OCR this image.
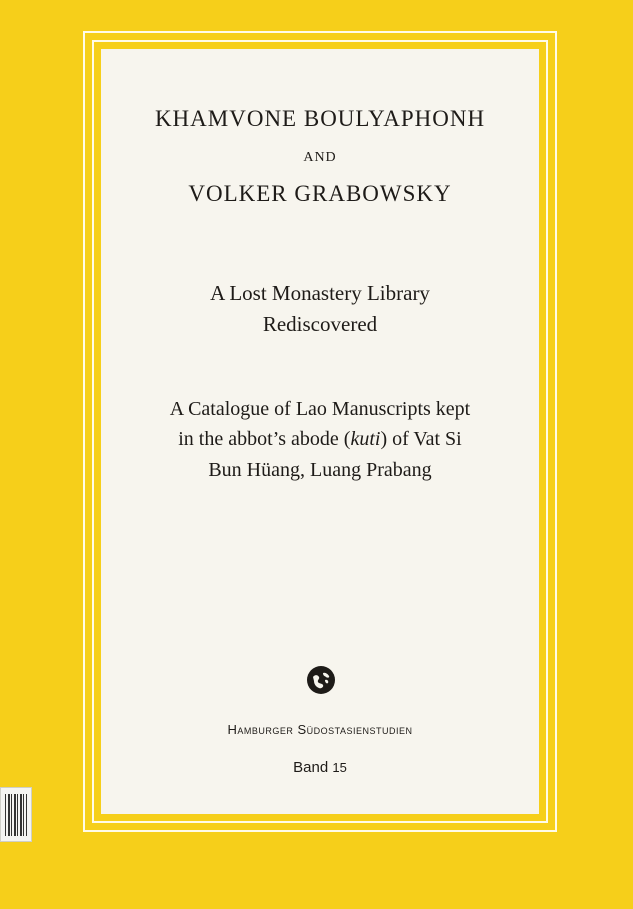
KHAMVONE BOULYAPHONH
AND
VOLKER GRABOWSKY
A Lost Monastery Library
Rediscovered
A Catalogue of Lao Manuscripts kept
in the abbot’s abode (kuti) of Vat Si
Bun Hüang, Luang Prabang
Hamburger Südostasienstudien
Band 15
